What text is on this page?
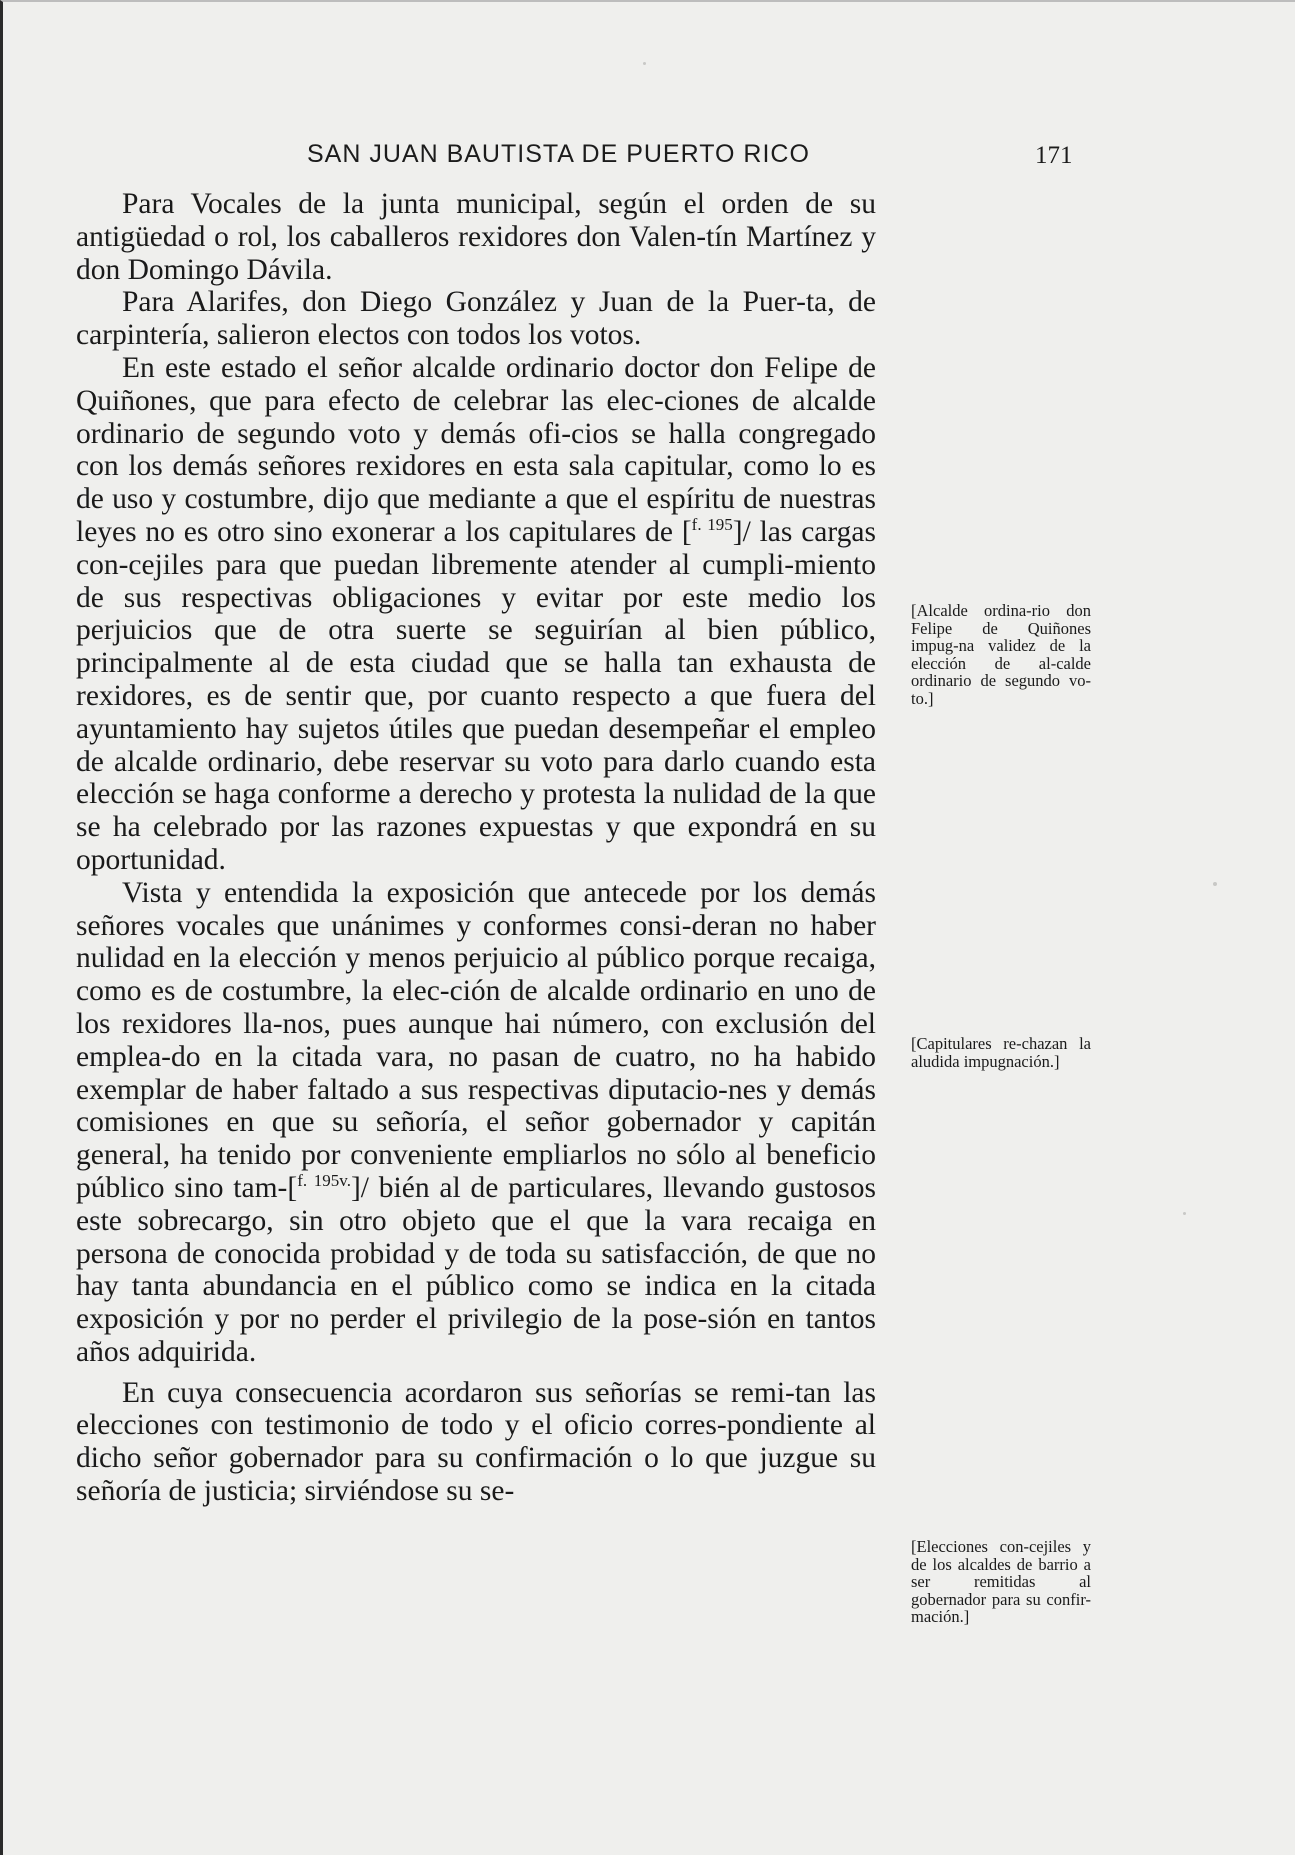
SAN JUAN BAUTISTA DE PUERTO RICO	171

Para Vocales de la junta municipal, según el orden de su antigüedad o rol, los caballeros rexidores don Valen-tín Martínez y don Domingo Dávila.

Para Alarifes, don Diego González y Juan de la Puer-ta, de carpintería, salieron electos con todos los votos.

En este estado el señor alcalde ordinario doctor don Felipe de Quiñones, que para efecto de celebrar las elec-ciones de alcalde ordinario de segundo voto y demás ofi-cios se halla congregado con los demás señores rexidores en esta sala capitular, como lo es de uso y costumbre, dijo que mediante a que el espíritu de nuestras leyes no es otro sino exonerar a los capitulares de [$^{f. 195}$]/ las cargas con-cejiles para que puedan libremente atender al cumpli-miento de sus respectivas obligaciones y evitar por este medio los perjuicios que de otra suerte se seguirían al bien público, principalmente al de esta ciudad que se halla tan exhausta de rexidores, es de sentir que, por cuanto respecto a que fuera del ayuntamiento hay sujetos útiles que puedan desempeñar el empleo de alcalde ordinario, debe reservar su voto para darlo cuando esta elección se haga conforme a derecho y protesta la nulidad de la que se ha celebrado por las razones expuestas y que expondrá en su oportunidad.

Vista y entendida la exposición que antecede por los demás señores vocales que unánimes y conformes consi-deran no haber nulidad en la elección y menos perjuicio al público porque recaiga, como es de costumbre, la elec-ción de alcalde ordinario en uno de los rexidores lla-nos, pues aunque hai número, con exclusión del emplea-do en la citada vara, no pasan de cuatro, no ha habido exemplar de haber faltado a sus respectivas diputacio-nes y demás comisiones en que su señoría, el señor gobernador y capitán general, ha tenido por conveniente empliarlos no sólo al beneficio público sino tam-[$^{f. 195v.}$]/ bién al de particulares, llevando gustosos este sobrecargo, sin otro objeto que el que la vara recaiga en persona de conocida probidad y de toda su satisfacción, de que no hay tanta abundancia en el público como se indica en la citada exposición y por no perder el privilegio de la pose-sión en tantos años adquirida.

En cuya consecuencia acordaron sus señorías se remi-tan las elecciones con testimonio de todo y el oficio corres-pondiente al dicho señor gobernador para su confirmación o lo que juzgue su señoría de justicia; sirviéndose su se-

[Alcalde ordina-rio don Felipe de Quiñones impug-na validez de la elección de al-calde ordinario de segundo vo-to.]
[Capitulares re-chazan la aludida impugnación.]
[Elecciones con-cejiles y de los alcaldes de barrio a ser remitidas al gobernador para su confir-mación.]
